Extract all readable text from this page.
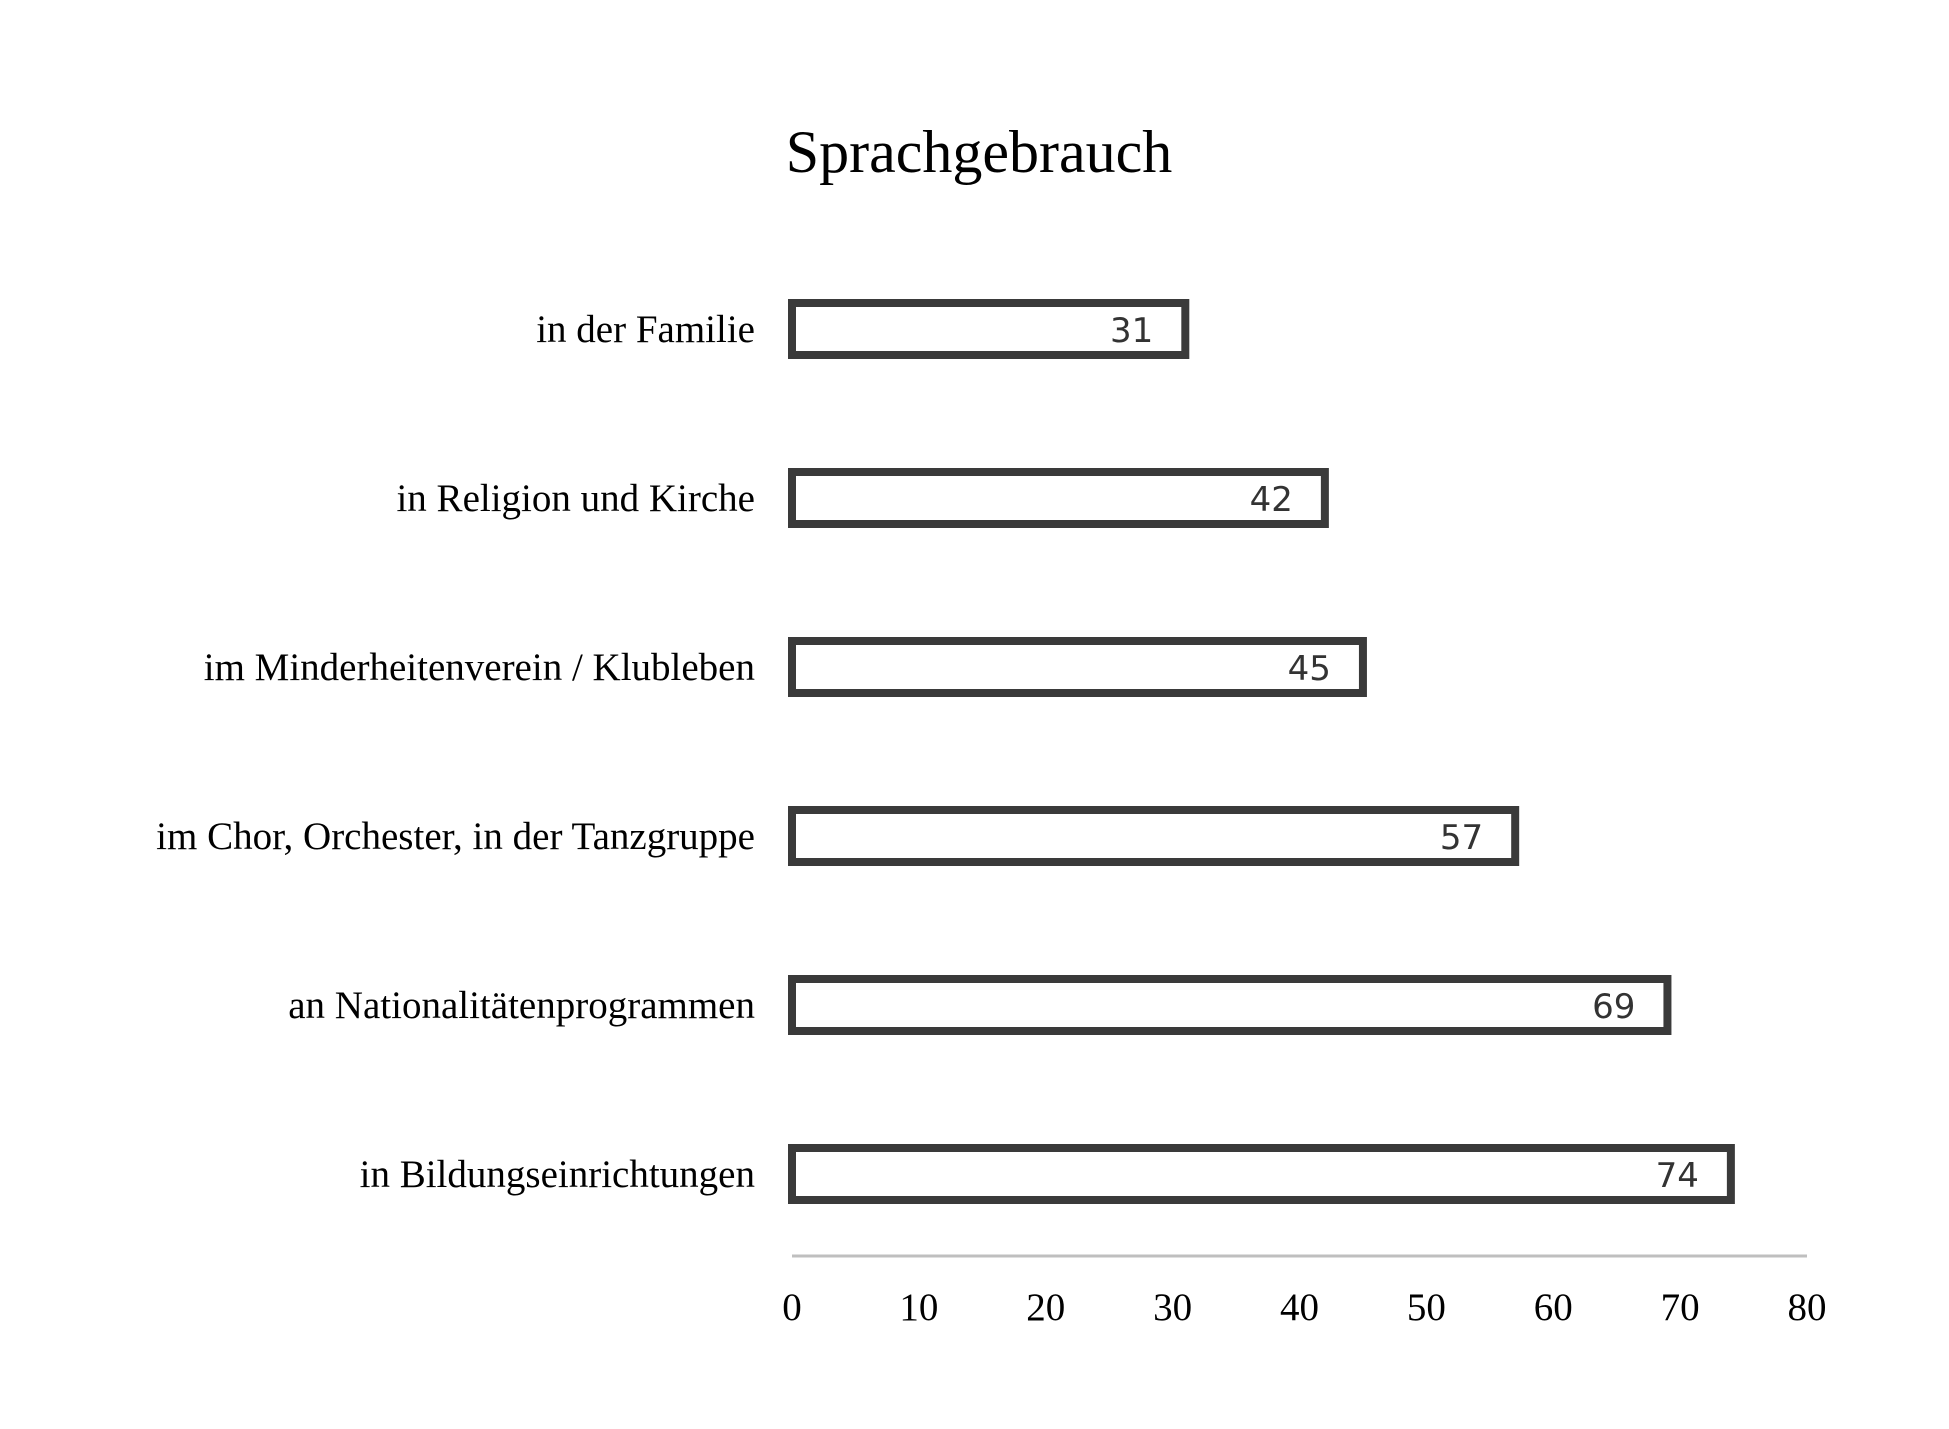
Sprachgebrauch
in der Familie	31
in Religion und Kirche	42
im Minderheitenverein / Klubleben	45
im Chor, Orchester, in der Tanzgruppe	57
an Nationalitätenprogrammen	69
in Bildungseinrichtungen	74
0	10 20 30 40 50 60 70 80
